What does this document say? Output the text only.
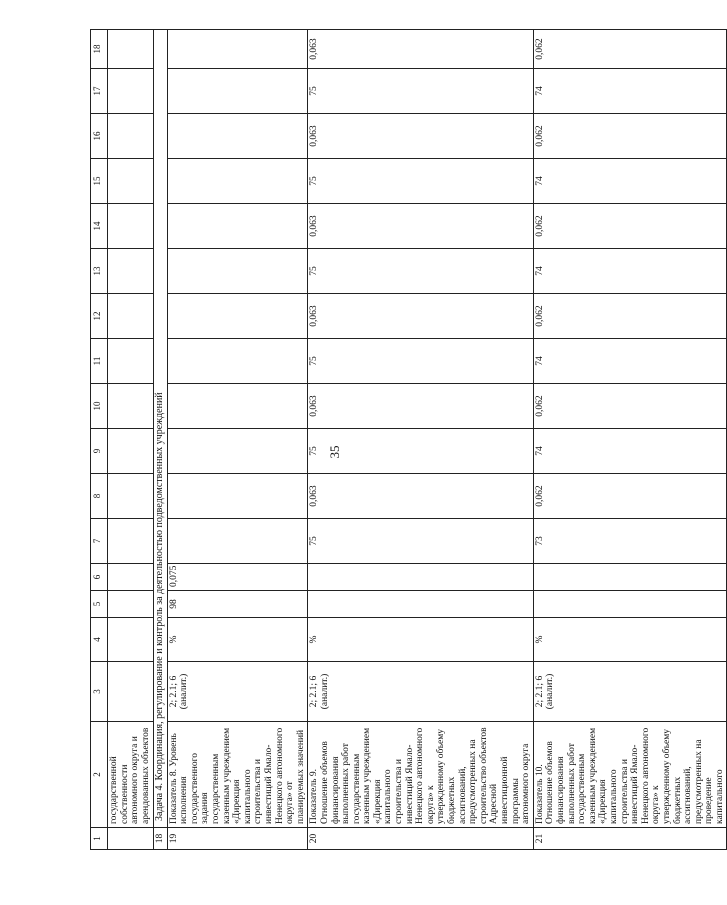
35
1	2	3	4	5	6	7	8	9	10	11	12	13	14	15	16	17	18	
	государственной собственности автономного округа и арендованных объектов																	
18	Задача 4. Координация, регулирование и контроль за деятельностью подведомственных учреждений																	
19	Показатель 8. Уровень исполнения государственного задания государственным казенным учреждением «Дирекция капитального строительства и инвестиций Ямало-Ненецкого автономного округа» от планируемых значений	2; 2.1; 6 (аналит.)	%	98	0,075													
20	Показатель 9. Отношение объемов финансирования выполненных работ государственным казенным учреждением «Дирекция капитального строительства и инвестиций Ямало-Ненецкого автономного округа» к утвержденному объему бюджетных ассигнований, предусмотренных на строительство объектов Адресной инвестиционной программы автономного округа	2; 2.1; 6 (аналит.)	%			75	0,063	75	0,063	75	0,063	75	0,063	75	0,063	75	0,063		
21	Показатель 10. Отношение объемов финансирования выполненных работ государственным казенным учреждением «Дирекция капитального строительства и инвестиций Ямало-Ненецкого автономного округа» к утвержденному объему бюджетных ассигнований, предусмотренных на проведение капитального	2; 2.1; 6 (аналит.)	%			73	0,062	74	0,062	74	0,062	74	0,062	74	0,062	74	0,062		
